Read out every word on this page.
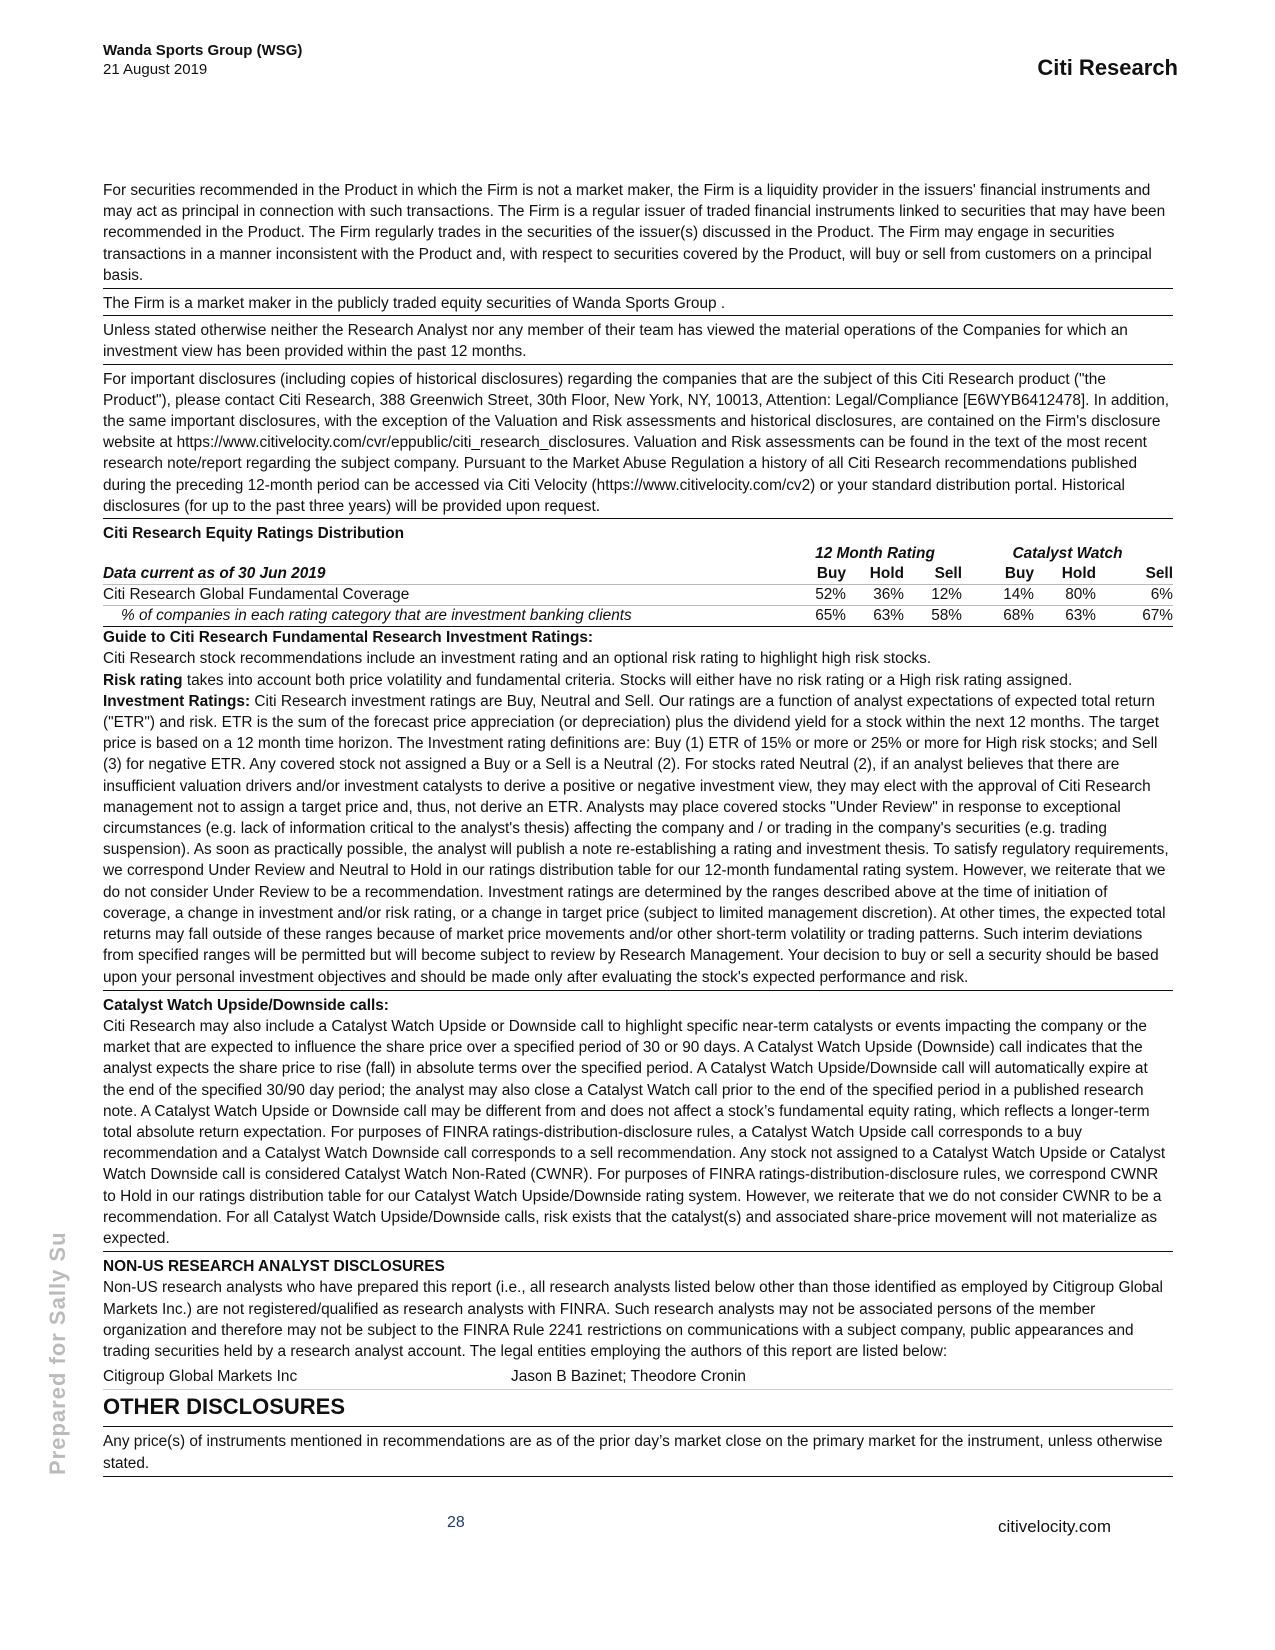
Wanda Sports Group (WSG)
21 August 2019	Citi Research
For securities recommended in the Product in which the Firm is not a market maker, the Firm is a liquidity provider in the issuers' financial instruments and may act as principal in connection with such transactions. The Firm is a regular issuer of traded financial instruments linked to securities that may have been recommended in the Product. The Firm regularly trades in the securities of the issuer(s) discussed in the Product. The Firm may engage in securities transactions in a manner inconsistent with the Product and, with respect to securities covered by the Product, will buy or sell from customers on a principal basis.
The Firm is a market maker in the publicly traded equity securities of Wanda Sports Group .
Unless stated otherwise neither the Research Analyst nor any member of their team has viewed the material operations of the Companies for which an investment view has been provided within the past 12 months.
For important disclosures (including copies of historical disclosures) regarding the companies that are the subject of this Citi Research product ("the Product"), please contact Citi Research, 388 Greenwich Street, 30th Floor, New York, NY, 10013, Attention: Legal/Compliance [E6WYB6412478]. In addition, the same important disclosures, with the exception of the Valuation and Risk assessments and historical disclosures, are contained on the Firm's disclosure website at https://www.citivelocity.com/cvr/eppublic/citi_research_disclosures. Valuation and Risk assessments can be found in the text of the most recent research note/report regarding the subject company. Pursuant to the Market Abuse Regulation a history of all Citi Research recommendations published during the preceding 12-month period can be accessed via Citi Velocity (https://www.citivelocity.com/cv2) or your standard distribution portal. Historical disclosures (for up to the past three years) will be provided upon request.
Citi Research Equity Ratings Distribution
	12 Month Rating			Catalyst Watch		
Data current as of 30 Jun 2019	Buy	Hold	Sell	Buy	Hold	Sell
Citi Research Global Fundamental Coverage	52%	36%	12%	14%	80%	6%
% of companies in each rating category that are investment banking clients	65%	63%	58%	68%	63%	67%
Guide to Citi Research Fundamental Research Investment Ratings:
Citi Research stock recommendations include an investment rating and an optional risk rating to highlight high risk stocks.
Risk rating takes into account both price volatility and fundamental criteria. Stocks will either have no risk rating or a High risk rating assigned.
Investment Ratings: Citi Research investment ratings are Buy, Neutral and Sell. Our ratings are a function of analyst expectations of expected total return ("ETR") and risk. ETR is the sum of the forecast price appreciation (or depreciation) plus the dividend yield for a stock within the next 12 months. The target price is based on a 12 month time horizon. The Investment rating definitions are: Buy (1) ETR of 15% or more or 25% or more for High risk stocks; and Sell (3) for negative ETR. Any covered stock not assigned a Buy or a Sell is a Neutral (2). For stocks rated Neutral (2), if an analyst believes that there are insufficient valuation drivers and/or investment catalysts to derive a positive or negative investment view, they may elect with the approval of Citi Research management not to assign a target price and, thus, not derive an ETR. Analysts may place covered stocks "Under Review" in response to exceptional circumstances (e.g. lack of information critical to the analyst's thesis) affecting the company and / or trading in the company's securities (e.g. trading suspension). As soon as practically possible, the analyst will publish a note re-establishing a rating and investment thesis. To satisfy regulatory requirements, we correspond Under Review and Neutral to Hold in our ratings distribution table for our 12-month fundamental rating system. However, we reiterate that we do not consider Under Review to be a recommendation. Investment ratings are determined by the ranges described above at the time of initiation of coverage, a change in investment and/or risk rating, or a change in target price (subject to limited management discretion). At other times, the expected total returns may fall outside of these ranges because of market price movements and/or other short-term volatility or trading patterns. Such interim deviations from specified ranges will be permitted but will become subject to review by Research Management. Your decision to buy or sell a security should be based upon your personal investment objectives and should be made only after evaluating the stock's expected performance and risk.
Catalyst Watch Upside/Downside calls:
Citi Research may also include a Catalyst Watch Upside or Downside call to highlight specific near-term catalysts or events impacting the company or the market that are expected to influence the share price over a specified period of 30 or 90 days. A Catalyst Watch Upside (Downside) call indicates that the analyst expects the share price to rise (fall) in absolute terms over the specified period. A Catalyst Watch Upside/Downside call will automatically expire at the end of the specified 30/90 day period; the analyst may also close a Catalyst Watch call prior to the end of the specified period in a published research note. A Catalyst Watch Upside or Downside call may be different from and does not affect a stock’s fundamental equity rating, which reflects a longer-term total absolute return expectation. For purposes of FINRA ratings-distribution-disclosure rules, a Catalyst Watch Upside call corresponds to a buy recommendation and a Catalyst Watch Downside call corresponds to a sell recommendation. Any stock not assigned to a Catalyst Watch Upside or Catalyst Watch Downside call is considered Catalyst Watch Non-Rated (CWNR). For purposes of FINRA ratings-distribution-disclosure rules, we correspond CWNR to Hold in our ratings distribution table for our Catalyst Watch Upside/Downside rating system. However, we reiterate that we do not consider CWNR to be a recommendation. For all Catalyst Watch Upside/Downside calls, risk exists that the catalyst(s) and associated share-price movement will not materialize as expected.
NON-US RESEARCH ANALYST DISCLOSURES
Non-US research analysts who have prepared this report (i.e., all research analysts listed below other than those identified as employed by Citigroup Global Markets Inc.) are not registered/qualified as research analysts with FINRA. Such research analysts may not be associated persons of the member organization and therefore may not be subject to the FINRA Rule 2241 restrictions on communications with a subject company, public appearances and trading securities held by a research analyst account. The legal entities employing the authors of this report are listed below:
Citigroup Global Markets Inc	Jason B Bazinet; Theodore Cronin
OTHER DISCLOSURES
Any price(s) of instruments mentioned in recommendations are as of the prior day’s market close on the primary market for the instrument, unless otherwise stated.
Prepared for Sally Su
28	citivelocity.com
